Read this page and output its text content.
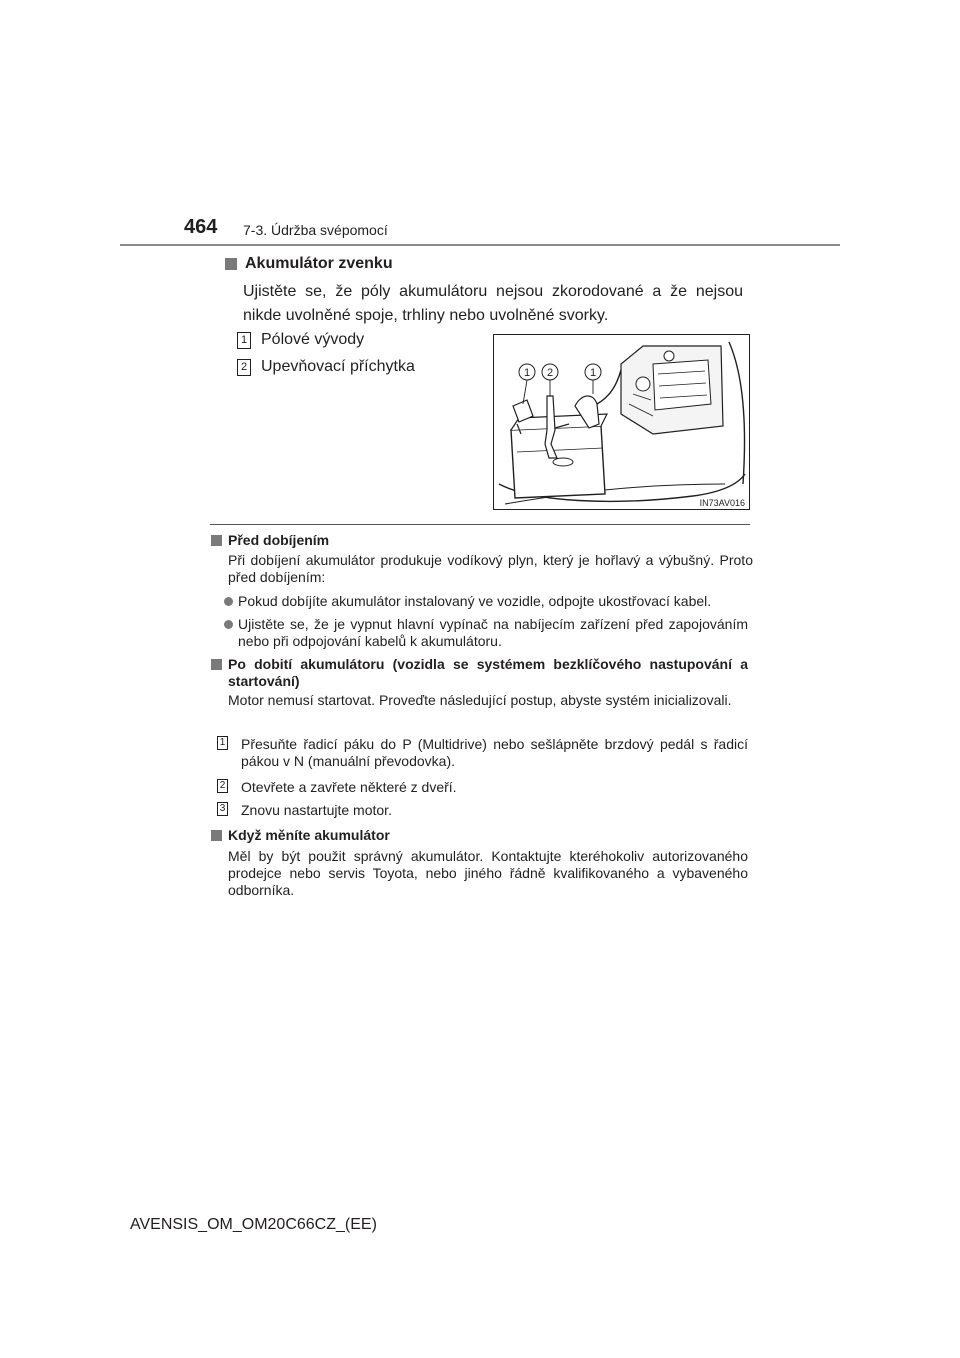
464 7-3. Údržba svépomocí
Akumulátor zvenku
Ujistěte se, že póly akumulátoru nejsou zkorodované a že nejsou nikde uvolněné spoje, trhliny nebo uvolněné svorky.
1 Pólové vývody
2 Upevňovací příchytka	1 2	1
IN73AV016
Před dobíjením
Při dobíjení akumulátor produkuje vodíkový plyn, který je hořlavý a výbušný. Proto před dobíjením:
Pokud dobíjíte akumulátor instalovaný ve vozidle, odpojte ukostřovací kabel.
Ujistěte se, že je vypnut hlavní vypínač na nabíjecím zařízení před zapojováním nebo při odpojování kabelů k akumulátoru.
Po dobití akumulátoru (vozidla se systémem bezklíčového nastupování a startování)
Motor nemusí startovat. Proveďte následující postup, abyste systém inicializovali.
1 Přesuňte řadicí páku do P (Multidrive) nebo sešlápněte brzdový pedál s řadicí pákou v N (manuální převodovka).
2 Otevřete a zavřete některé z dveří.
3 Znovu nastartujte motor.
Když měníte akumulátor
Měl by být použit správný akumulátor. Kontaktujte kteréhokoliv autorizovaného prodejce nebo servis Toyota, nebo jiného řádně kvalifikovaného a vybaveného odborníka.
AVENSIS_OM_OM20C66CZ_(EE)
